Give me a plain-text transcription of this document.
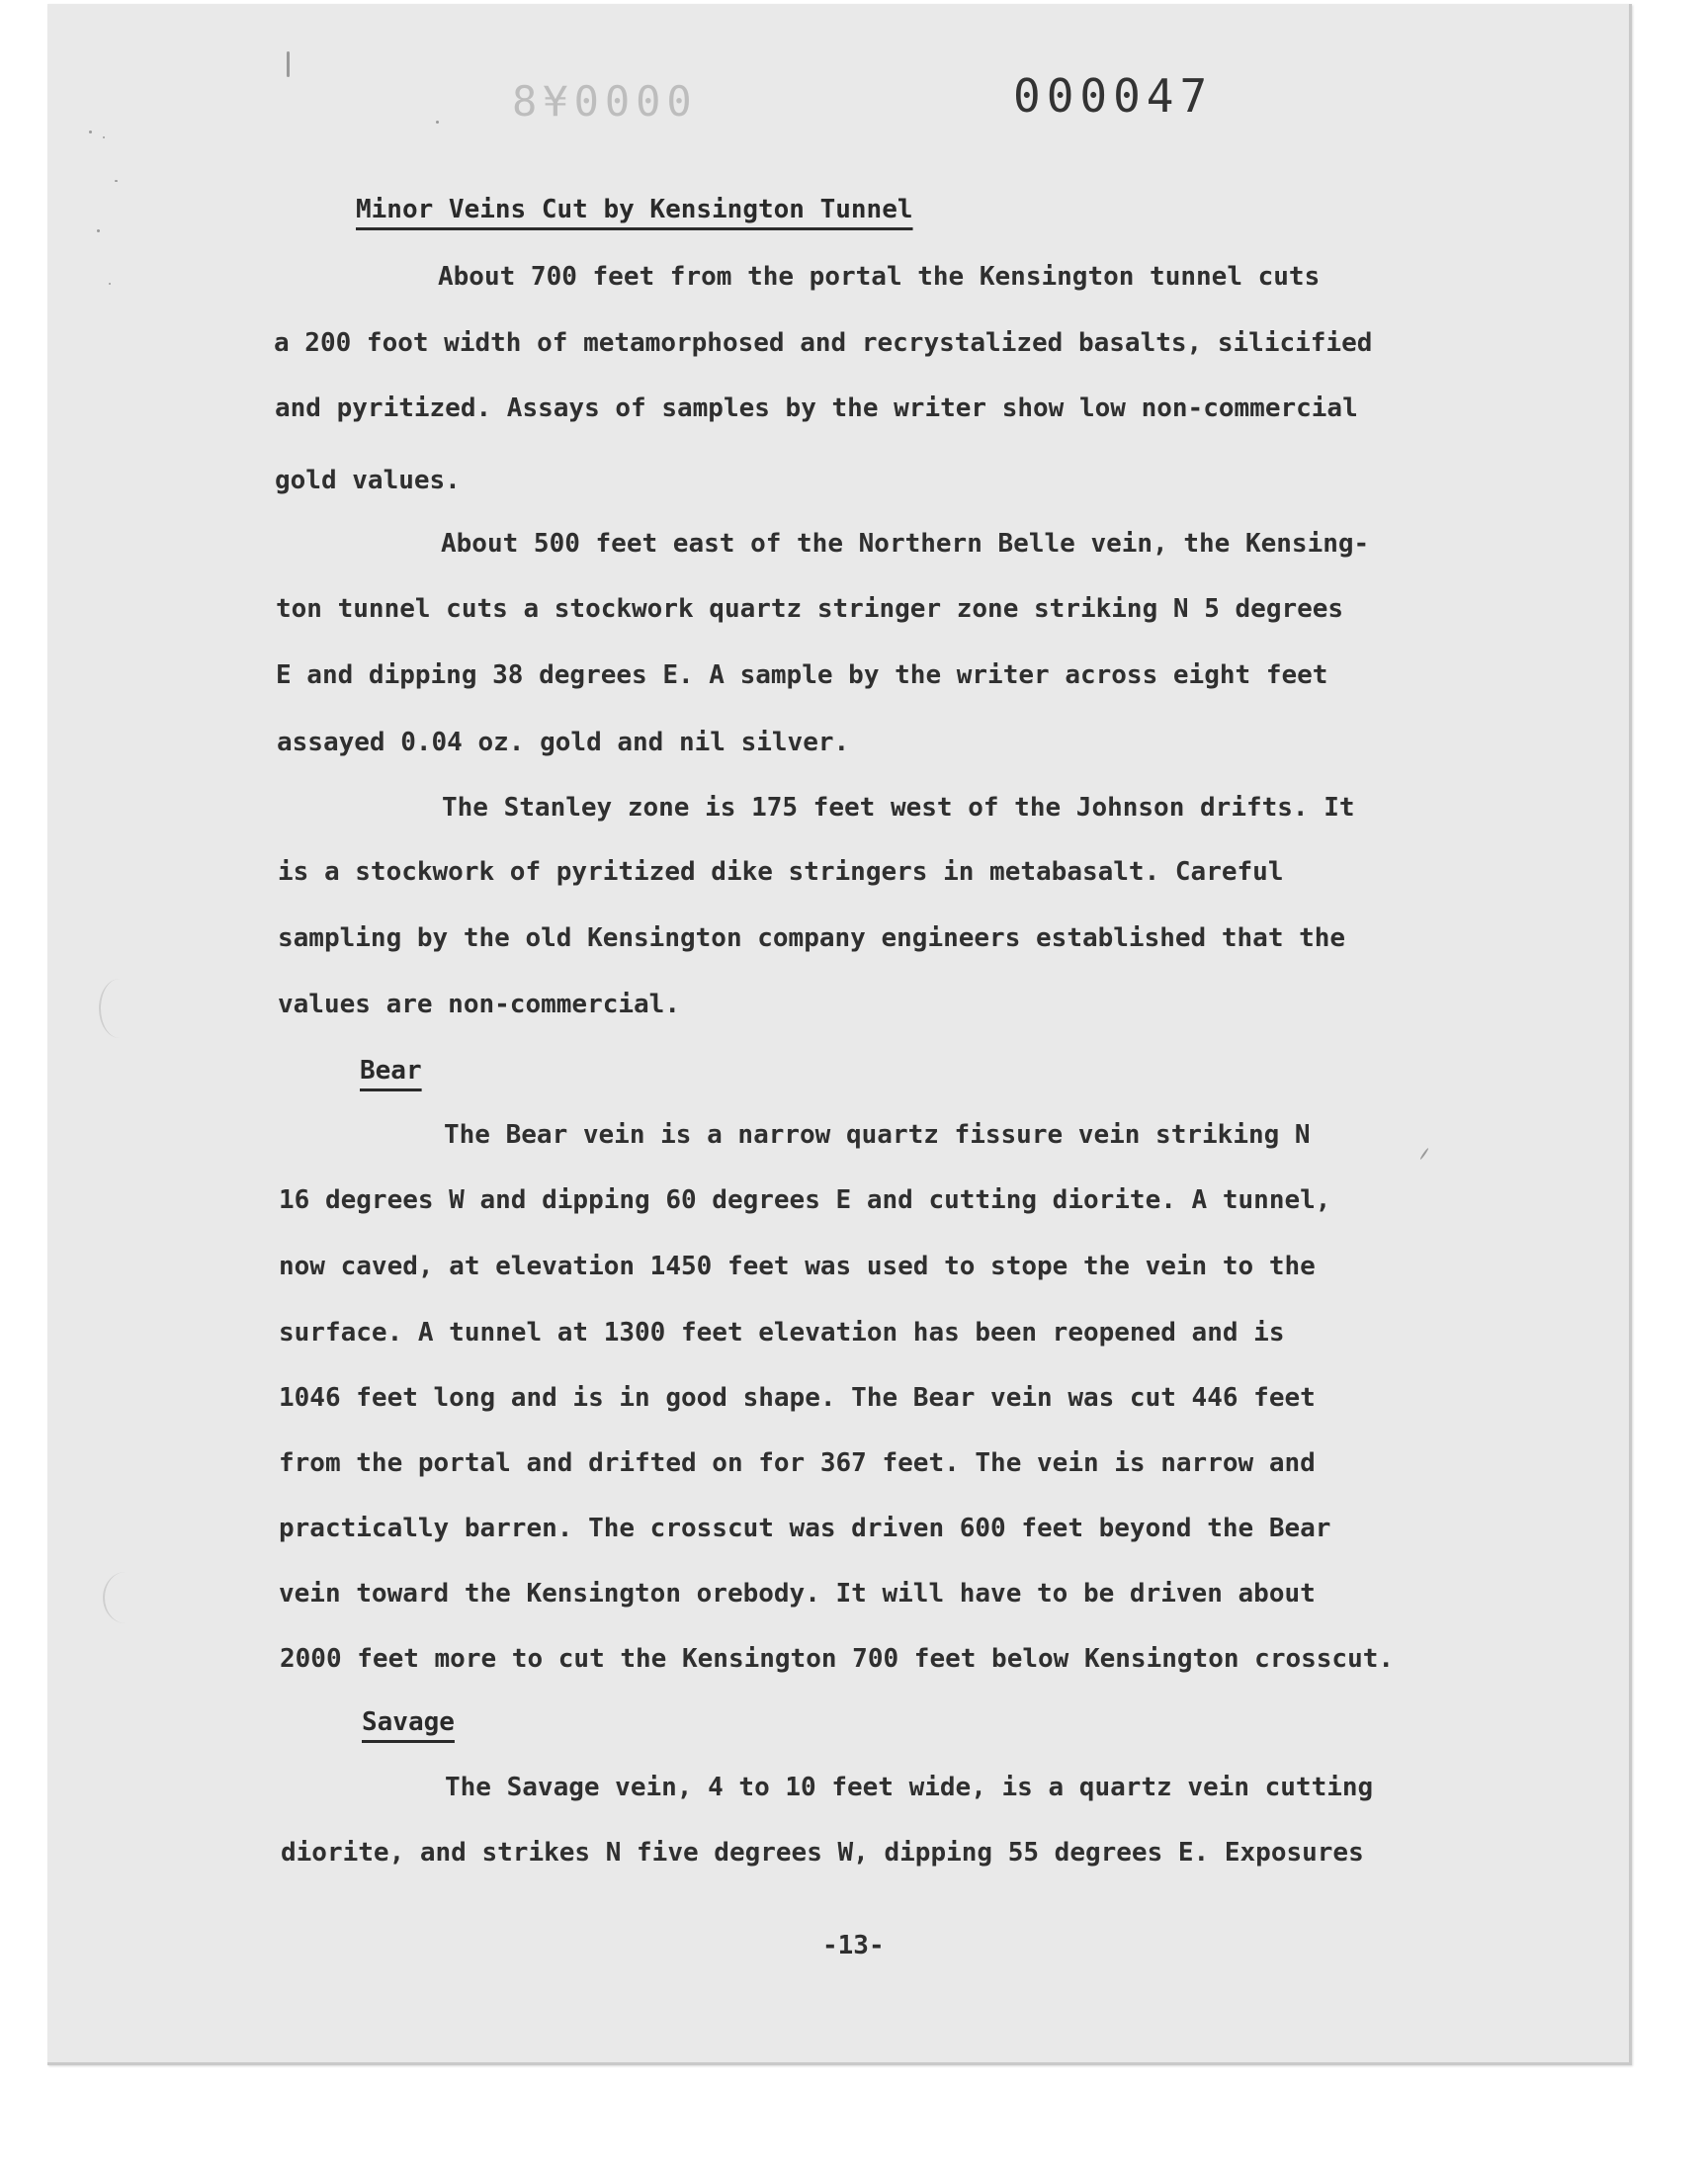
8¥0000	000047
Minor Veins Cut by Kensington Tunnel
About 700 feet from the portal the Kensington tunnel cuts
a 200 foot width of metamorphosed and recrystalized basalts, silicified
and pyritized. Assays of samples by the writer show low non-commercial
gold values.
About 500 feet east of the Northern Belle vein, the Kensing-
ton tunnel cuts a stockwork quartz stringer zone striking N 5 degrees
E and dipping 38 degrees E. A sample by the writer across eight feet
assayed 0.04 oz. gold and nil silver.
The Stanley zone is 175 feet west of the Johnson drifts. It
is a stockwork of pyritized dike stringers in metabasalt. Careful
sampling by the old Kensington company engineers established that the
values are non-commercial.
Bear
The Bear vein is a narrow quartz fissure vein striking N
16 degrees W and dipping 60 degrees E and cutting diorite. A tunnel,
now caved, at elevation 1450 feet was used to stope the vein to the
surface. A tunnel at 1300 feet elevation has been reopened and is
1046 feet long and is in good shape. The Bear vein was cut 446 feet
from the portal and drifted on for 367 feet. The vein is narrow and
practically barren. The crosscut was driven 600 feet beyond the Bear
vein toward the Kensington orebody. It will have to be driven about
2000 feet more to cut the Kensington 700 feet below Kensington crosscut.
Savage
The Savage vein, 4 to 10 feet wide, is a quartz vein cutting
diorite, and strikes N five degrees W, dipping 55 degrees E. Exposures
-13-
